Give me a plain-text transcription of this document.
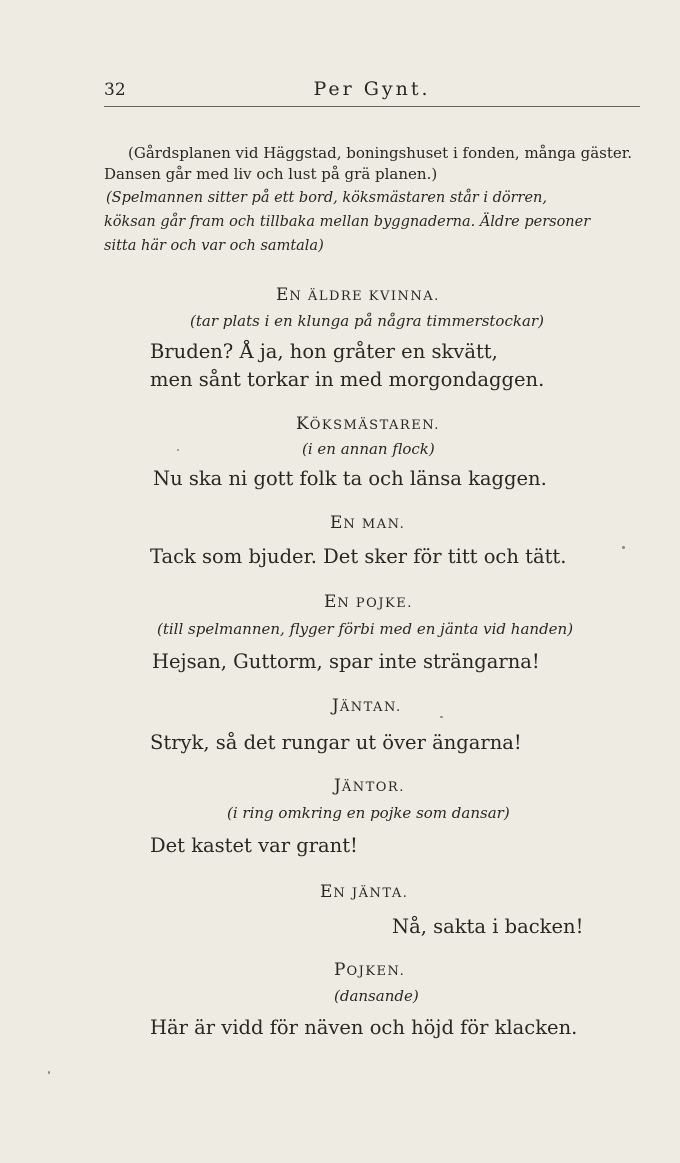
32	Per Gynt.
(Gårdsplanen vid Häggstad, boningshuset i fonden, många gäster.
Dansen går med liv och lust på grä planen.)
(Spelmannen sitter på ett bord, köksmästaren står i dörren,
köksan går fram och tillbaka mellan byggnaderna. Äldre personer
sitta här och var och samtala)
EN ÄLDRE KVINNA.
(tar plats i en klunga på några timmerstockar)
Bruden? Å ja, hon gråter en skvätt,
men sånt torkar in med morgondaggen.
KÖKSMÄSTAREN.
(i en annan flock)
Nu ska ni gott folk ta och länsa kaggen.
EN MAN.
Tack som bjuder. Det sker för titt och tätt.
EN POJKE.
(till spelmannen, flyger förbi med en jänta vid handen)
Hejsan, Guttorm, spar inte strängarna!
JÄNTAN.
Stryk, så det rungar ut över ängarna!
JÄNTOR.
(i ring omkring en pojke som dansar)
Det kastet var grant!
EN JÄNTA.
Nå, sakta i backen!
POJKEN.
(dansande)
Här är vidd för näven och höjd för klacken.
